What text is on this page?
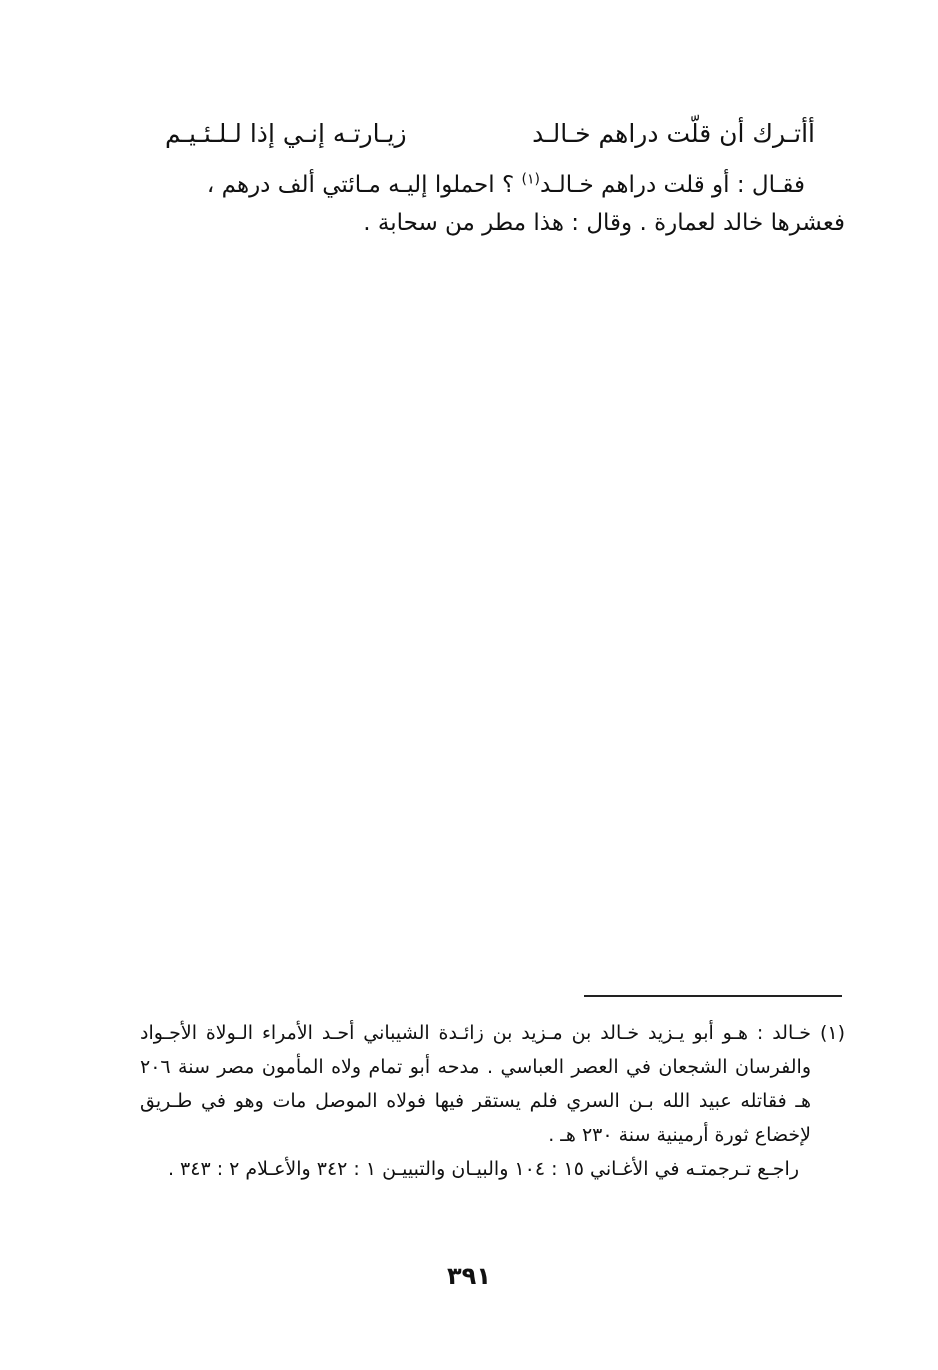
أأتـرك أن قلّت دراهم خـالـد
زيـارتـه إنـي إذا لـلـئـيـم

فقـال : أو قلت دراهم خـالـد$^{(١)}$ ؟ احملوا إليـه مـائتي ألف درهم ،

فعشرها خالد لعمارة . وقال : هذا مطر من سحابة .

(١) خـالد : هـو أبو يـزيد خـالد بن مـزيد بن زائـدة الشيباني أحـد الأمراء الـولاة الأجـواد والفرسان الشجعان في العصر العباسي . مدحه أبو تمام ولاه المأمون مصر سنة ٢٠٦ هـ فقاتله عبيد الله بـن السري فلم يستقر فيها فولاه الموصل مات وهو في طـريق لإخضاع ثورة أرمينية سنة ٢٣٠ هـ .

راجـع تـرجمتـه في الأغـاني ١٥ : ١٠٤ والبيـان والتبييـن ١ : ٣٤٢ والأعـلام ٢ : ٣٤٣ .

٣٩١
